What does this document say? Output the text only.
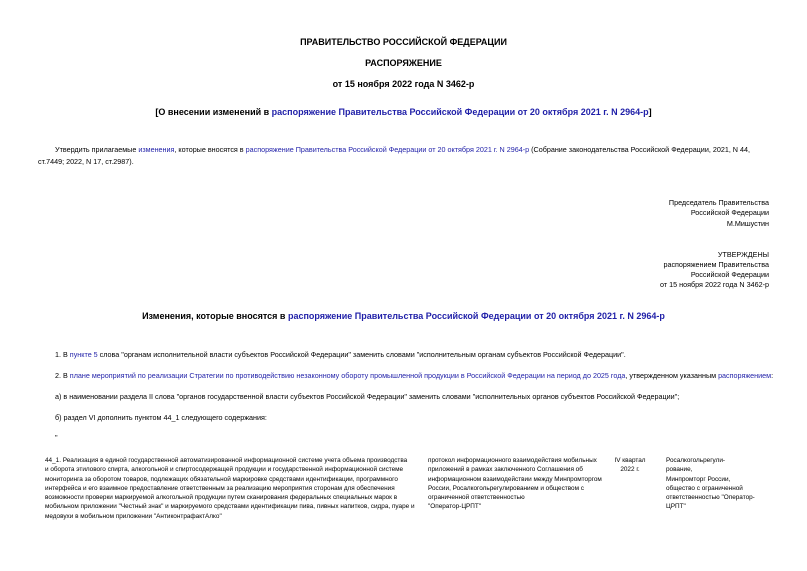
ПРАВИТЕЛЬСТВО РОССИЙСКОЙ ФЕДЕРАЦИИ
РАСПОРЯЖЕНИЕ
от 15 ноября 2022 года N 3462-р
[О внесении изменений в распоряжение Правительства Российской Федерации от 20 октября 2021 г. N 2964-р]
Утвердить прилагаемые изменения, которые вносятся в распоряжение Правительства Российской Федерации от 20 октября 2021 г. N 2964-р (Собрание законодательства Российской Федерации, 2021, N 44,
ст.7449; 2022, N 17, ст.2987).
Председатель Правительства
Российской Федерации
М.Мишустин
УТВЕРЖДЕНЫ
распоряжением Правительства
Российской Федерации
от 15 ноября 2022 года N 3462-р
Изменения, которые вносятся в распоряжение Правительства Российской Федерации от 20 октября 2021 г. N 2964-р
1. В пункте 5 слова "органам исполнительной власти субъектов Российской Федерации" заменить словами "исполнительным органам субъектов Российской Федерации".
2. В плане мероприятий по реализации Стратегии по противодействию незаконному обороту промышленной продукции в Российской Федерации на период до 2025 года, утвержденном указанным распоряжением:
а) в наименовании раздела II слова "органов государственной власти субъектов Российской Федерации" заменить словами "исполнительных органов субъектов Российской Федерации";
б) раздел VI дополнить пунктом 44_1 следующего содержания:
"
44_1. Реализация в единой государственной автоматизированной информационной системе учета объема производства
и оборота этилового спирта, алкогольной и спиртосодержащей продукции и государственной информационной системе
мониторинга за оборотом товаров, подлежащих обязательной маркировке средствами идентификации, программного
интерфейса и его взаимное предоставление ответственным за реализацию мероприятия сторонам для обеспечения
возможности проверки маркируемой алкогольной продукции путем сканирования федеральных специальных марок в
мобильном приложении "Честный знак" и маркируемого средствами идентификации пива, пивных напитков, сидра, пуаре и
медовухи в мобильном приложении "АнтиконтрафактАлко"
протокол информационного взаимодействия мобильных
приложений в рамках заключенного Соглашения об
информационном взаимодействии между Минпромторгом
России, Росалкогольрегулированием и обществом с
ограниченной ответственностью
"Оператор-ЦРПТ"
IV квартал
2022 г.
Росалкогольрегули-
рование,
Минпромторг России,
общество с ограниченной
ответственностью "Оператор-
ЦРПТ"
